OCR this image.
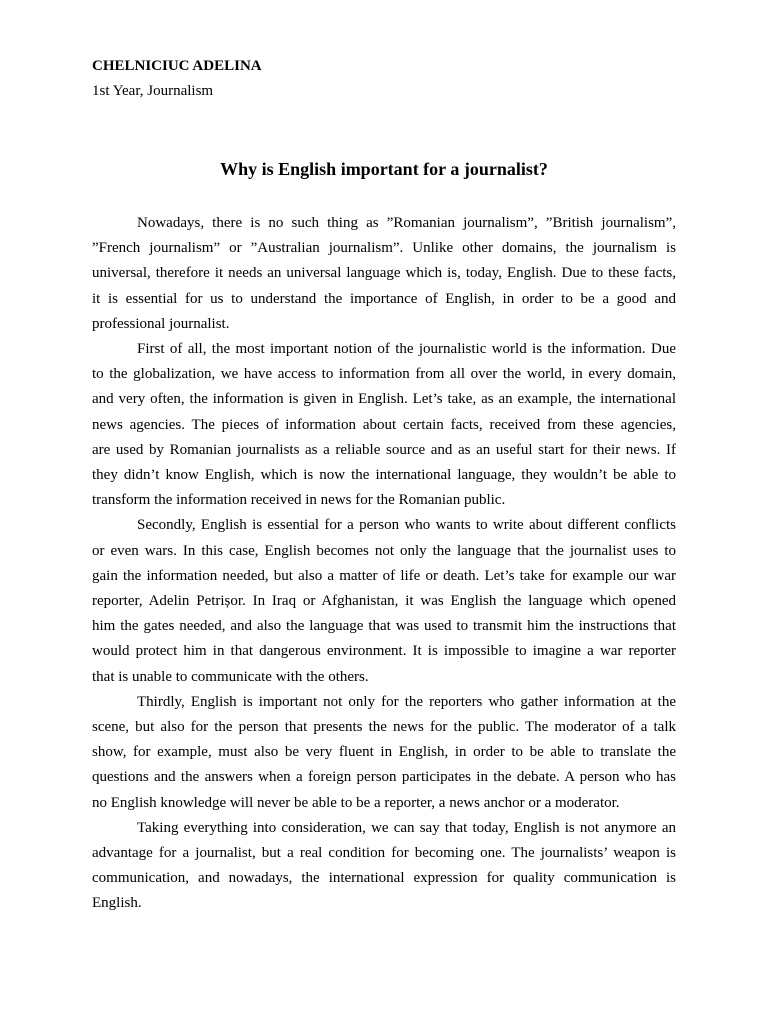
CHELNICIUC ADELINA
1st Year, Journalism
Why is English important for a journalist?
Nowadays, there is no such thing as ”Romanian journalism”, ”British journalism”,
”French journalism” or ”Australian journalism”. Unlike other domains, the journalism is
universal, therefore it needs an universal language which is, today, English. Due to these facts,
it is essential for us to understand the importance of English, in order to be a good and
professional journalist.
First of all, the most important notion of the journalistic world is the information. Due
to the globalization, we have access to information from all over the world, in every domain,
and very often, the information is given in English. Let’s take, as an example, the international
news agencies. The pieces of information about certain facts, received from these agencies,
are used by Romanian journalists as a reliable source and as an useful start for their news. If
they didn’t know English, which is now the international language, they wouldn’t be able to
transform the information received in news for the Romanian public.
Secondly, English is essential for a person who wants to write about different conflicts
or even wars. In this case, English becomes not only the language that the journalist uses to
gain the information needed, but also a matter of life or death. Let’s take for example our war
reporter, Adelin Petrișor. In Iraq or Afghanistan, it was English the language which opened
him the gates needed, and also the language that was used to transmit him the instructions that
would protect him in that dangerous environment. It is impossible to imagine a war reporter
that is unable to communicate with the others.
Thirdly, English is important not only for the reporters who gather information at the
scene, but also for the person that presents the news for the public. The moderator of a talk
show, for example, must also be very fluent in English, in order to be able to translate the
questions and the answers when a foreign person participates in the debate. A person who has
no English knowledge will never be able to be a reporter, a news anchor or a moderator.
Taking everything into consideration, we can say that today, English is not anymore an
advantage for a journalist, but a real condition for becoming one. The journalists’ weapon is
communication, and nowadays, the international expression for quality communication is
English.
